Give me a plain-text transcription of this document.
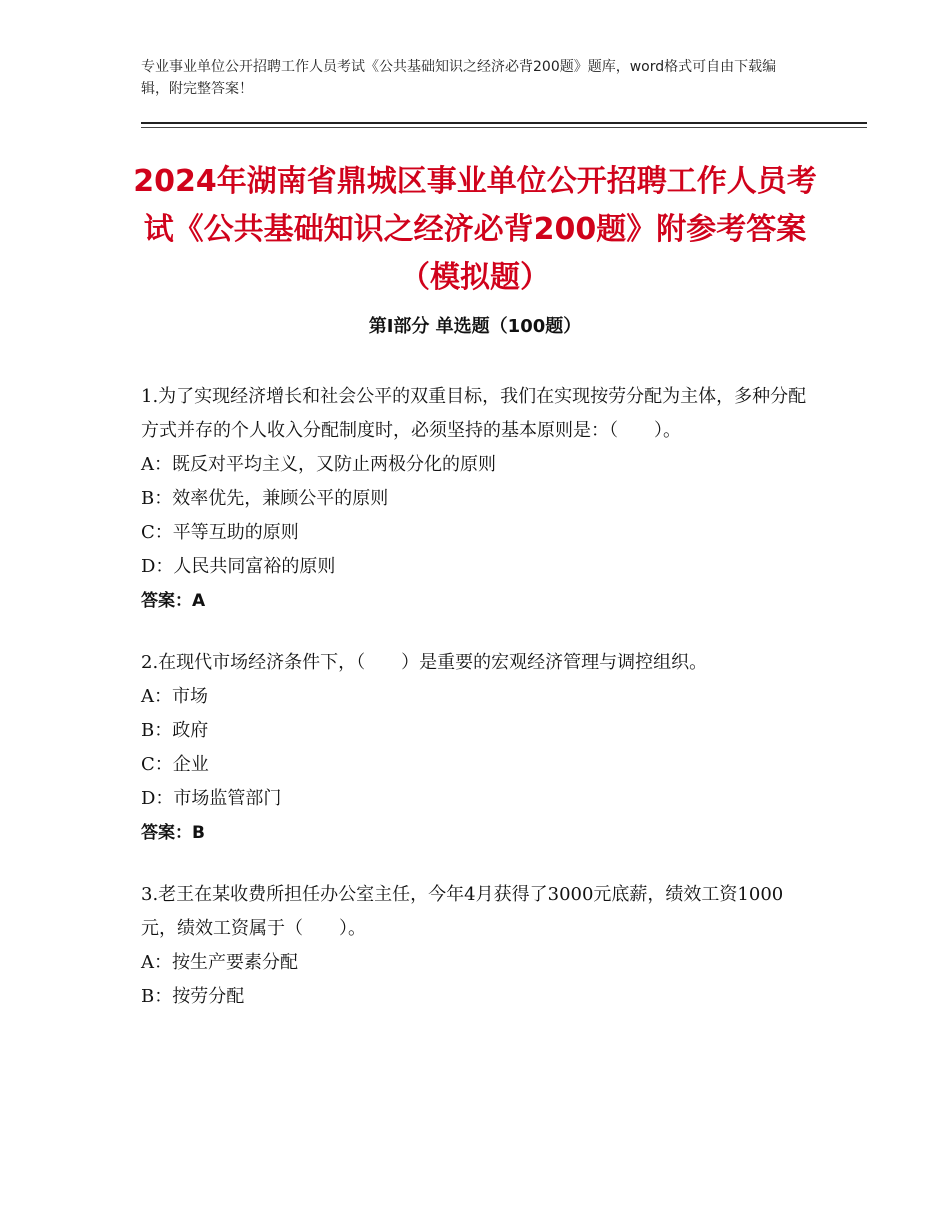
专业事业单位公开招聘工作人员考试《公共基础知识之经济必背200题》题库，word格式可自由下载编辑，附完整答案！
2024年湖南省鼎城区事业单位公开招聘工作人员考试《公共基础知识之经济必背200题》附参考答案（模拟题）
第Ⅰ部分 单选题（100题）

1.为了实现经济增长和社会公平的双重目标，我们在实现按劳分配为主体，多种分配方式并存的个人收入分配制度时，必须坚持的基本原则是：（　　）。

A：既反对平均主义，又防止两极分化的原则

B：效率优先，兼顾公平的原则

C：平等互助的原则

D：人民共同富裕的原则

答案：A

2.在现代市场经济条件下，（　　）是重要的宏观经济管理与调控组织。

A：市场

B：政府

C：企业

D：市场监管部门

答案：B

3.老王在某收费所担任办公室主任，今年4月获得了3000元底薪，绩效工资1000元，绩效工资属于（　　）。

A：按生产要素分配

B：按劳分配
